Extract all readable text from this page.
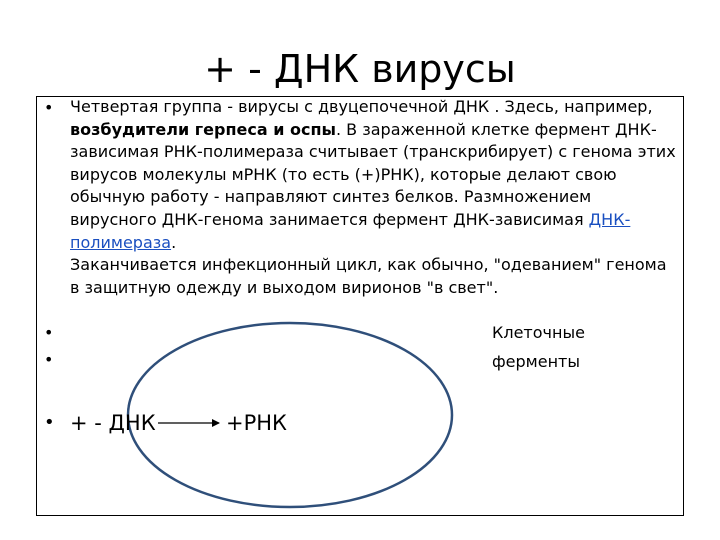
+ - ДНК вирусы
•
•
•
•
Четвертая группа - вирусы с двуцепочечной ДНК . Здесь, например,
возбудители герпеса и оспы. В зараженной клетке фермент ДНК-
зависимая РНК-полимераза считывает (транскрибирует) с генома этих
вирусов молекулы мРНК (то есть (+)РНК), которые делают свою
обычную работу - направляют синтез белков. Размножением
вирусного ДНК-генома занимается фермент ДНК-зависимая ДНК-
полимераза.
Заканчивается инфекционный цикл, как обычно, "одеванием" генома
в защитную одежду и выходом вирионов "в свет".
Клеточные
ферменты
+ - ДНК	+РНК
